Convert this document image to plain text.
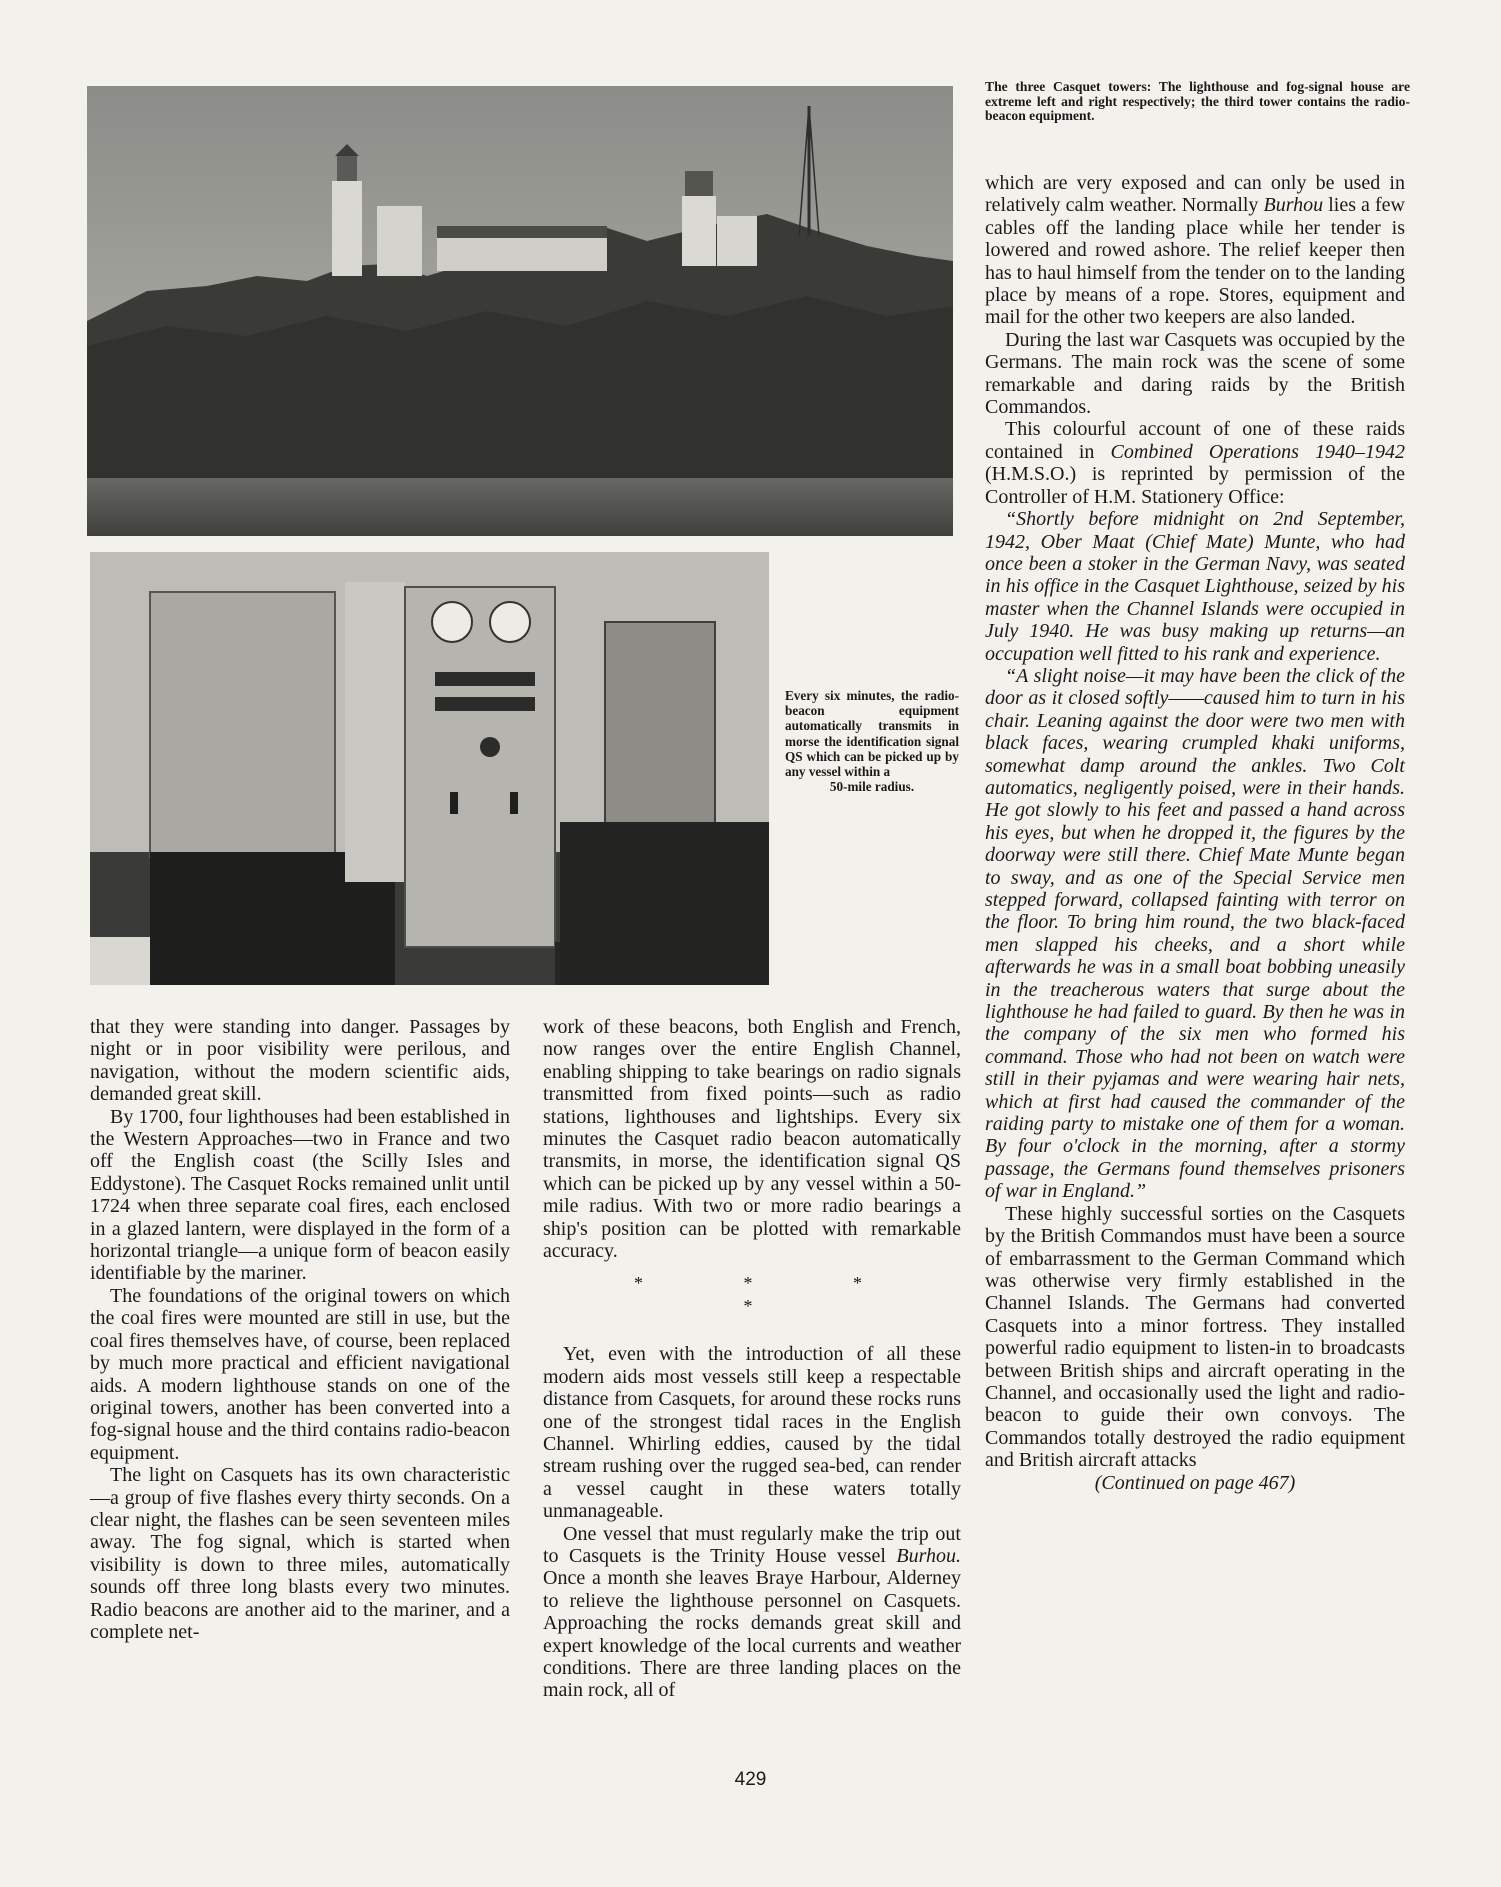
The three Casquet towers: The lighthouse and fog-signal house are extreme left and right respectively; the third tower contains the radio-beacon equipment.
Every six minutes, the radio-beacon equipment automatically transmits in morse the identification signal QS which can be picked up by any vessel within a
50-mile radius.

that they were standing into danger. Passages by night or in poor visibility were perilous, and navigation, without the modern scientific aids, demanded great skill.

By 1700, four lighthouses had been established in the Western Approaches—two in France and two off the English coast (the Scilly Isles and Eddystone). The Casquet Rocks remained unlit until 1724 when three separate coal fires, each enclosed in a glazed lantern, were displayed in the form of a horizontal triangle—a unique form of beacon easily identifiable by the mariner.

The foundations of the original towers on which the coal fires were mounted are still in use, but the coal fires themselves have, of course, been replaced by much more practical and efficient navigational aids. A modern lighthouse stands on one of the original towers, another has been converted into a fog-signal house and the third contains radio-beacon equipment.

The light on Casquets has its own characteristic—a group of five flashes every thirty seconds. On a clear night, the flashes can be seen seventeen miles away. The fog signal, which is started when visibility is down to three miles, automatically sounds off three long blasts every two minutes. Radio beacons are another aid to the mariner, and a complete net-

work of these beacons, both English and French, now ranges over the entire English Channel, enabling shipping to take bearings on radio signals transmitted from fixed points—such as radio stations, lighthouses and lightships. Every six minutes the Casquet radio beacon automatically transmits, in morse, the identification signal QS which can be picked up by any vessel within a 50-mile radius. With two or more radio bearings a ship's position can be plotted with remarkable accuracy.

* * * *

Yet, even with the introduction of all these modern aids most vessels still keep a respectable distance from Casquets, for around these rocks runs one of the strongest tidal races in the English Channel. Whirling eddies, caused by the tidal stream rushing over the rugged sea-bed, can render a vessel caught in these waters totally unmanageable.

One vessel that must regularly make the trip out to Casquets is the Trinity House vessel Burhou. Once a month she leaves Braye Harbour, Alderney to relieve the lighthouse personnel on Casquets. Approaching the rocks demands great skill and expert knowledge of the local currents and weather conditions. There are three landing places on the main rock, all of

which are very exposed and can only be used in relatively calm weather. Normally Burhou lies a few cables off the landing place while her tender is lowered and rowed ashore. The relief keeper then has to haul himself from the tender on to the landing place by means of a rope. Stores, equipment and mail for the other two keepers are also landed.

During the last war Casquets was occupied by the Germans. The main rock was the scene of some remarkable and daring raids by the British Commandos.

This colourful account of one of these raids contained in Combined Operations 1940–1942 (H.M.S.O.) is reprinted by permission of the Controller of H.M. Stationery Office:

“Shortly before midnight on 2nd September, 1942, Ober Maat (Chief Mate) Munte, who had once been a stoker in the German Navy, was seated in his office in the Casquet Lighthouse, seized by his master when the Channel Islands were occupied in July 1940. He was busy making up returns—an occupation well fitted to his rank and experience.

“A slight noise—it may have been the click of the door as it closed softly——caused him to turn in his chair. Leaning against the door were two men with black faces, wearing crumpled khaki uniforms, somewhat damp around the ankles. Two Colt automatics, negligently poised, were in their hands. He got slowly to his feet and passed a hand across his eyes, but when he dropped it, the figures by the doorway were still there. Chief Mate Munte began to sway, and as one of the Special Service men stepped forward, collapsed fainting with terror on the floor. To bring him round, the two black-faced men slapped his cheeks, and a short while afterwards he was in a small boat bobbing uneasily in the treacherous waters that surge about the lighthouse he had failed to guard. By then he was in the company of the six men who formed his command. Those who had not been on watch were still in their pyjamas and were wearing hair nets, which at first had caused the commander of the raiding party to mistake one of them for a woman. By four o'clock in the morning, after a stormy passage, the Germans found themselves prisoners of war in England.”

These highly successful sorties on the Casquets by the British Commandos must have been a source of embarrassment to the German Command which was otherwise very firmly established in the Channel Islands. The Germans had converted Casquets into a minor fortress. They installed powerful radio equipment to listen-in to broadcasts between British ships and aircraft operating in the Channel, and occasionally used the light and radio-beacon to guide their own convoys. The Commandos totally destroyed the radio equipment and British aircraft attacks

(Continued on page 467)
429
